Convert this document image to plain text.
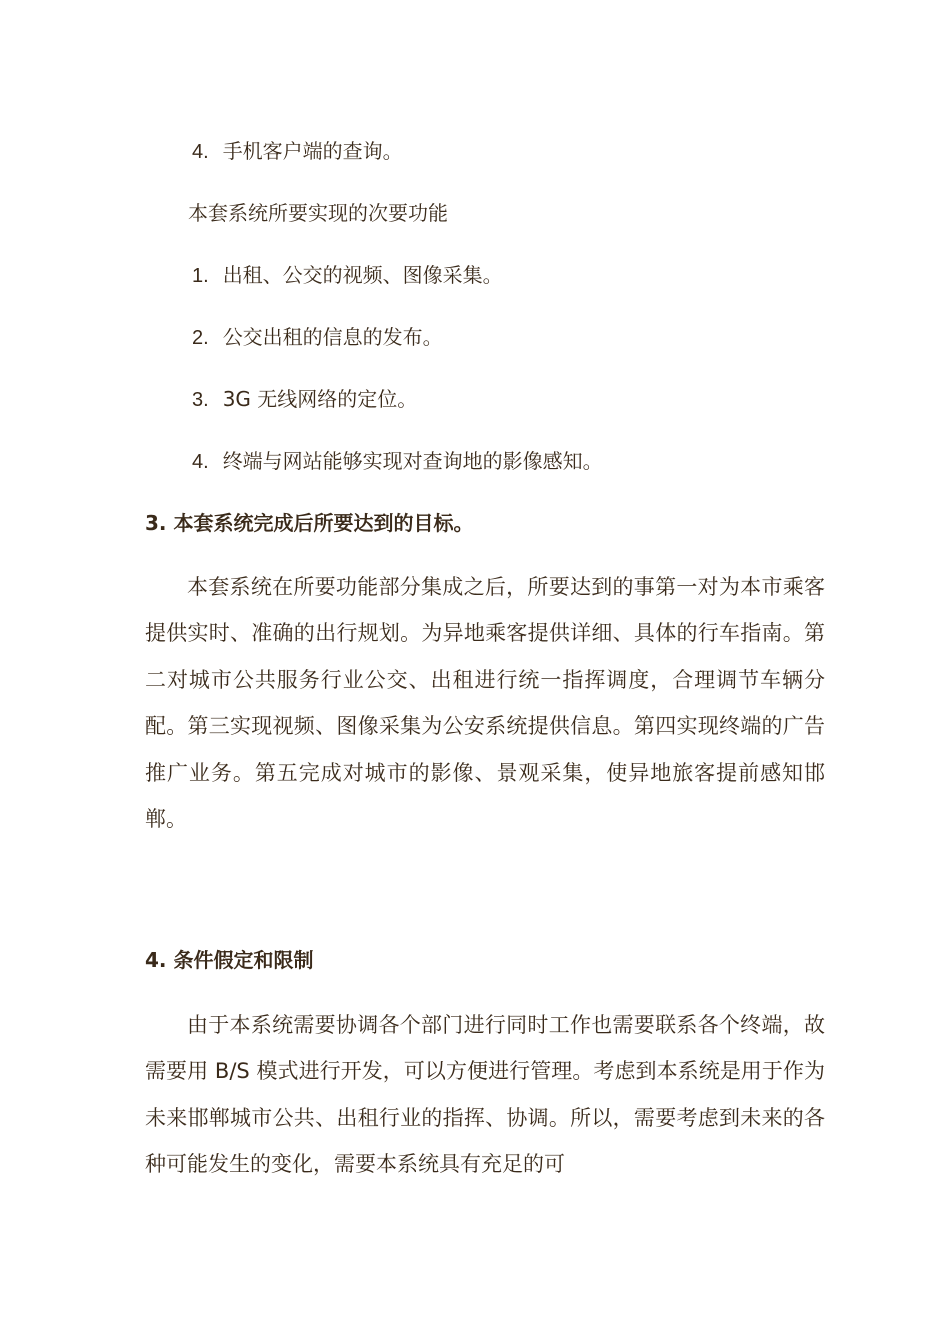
4. 手机客户端的查询。
本套系统所要实现的次要功能
1. 出租、公交的视频、图像采集。
2. 公交出租的信息的发布。
3. 3G 无线网络的定位。
4. 终端与网站能够实现对查询地的影像感知。
3. 本套系统完成后所要达到的目标。
本套系统在所要功能部分集成之后，所要达到的事第一对为本市乘客提供实时、准确的出行规划。为异地乘客提供详细、具体的行车指南。第二对城市公共服务行业公交、出租进行统一指挥调度，合理调节车辆分配。第三实现视频、图像采集为公安系统提供信息。第四实现终端的广告推广业务。第五完成对城市的影像、景观采集，使异地旅客提前感知邯郸。
4. 条件假定和限制
由于本系统需要协调各个部门进行同时工作也需要联系各个终端，故需要用 B/S 模式进行开发，可以方便进行管理。考虑到本系统是用于作为未来邯郸城市公共、出租行业的指挥、协调。所以，需要考虑到未来的各种可能发生的变化，需要本系统具有充足的可
